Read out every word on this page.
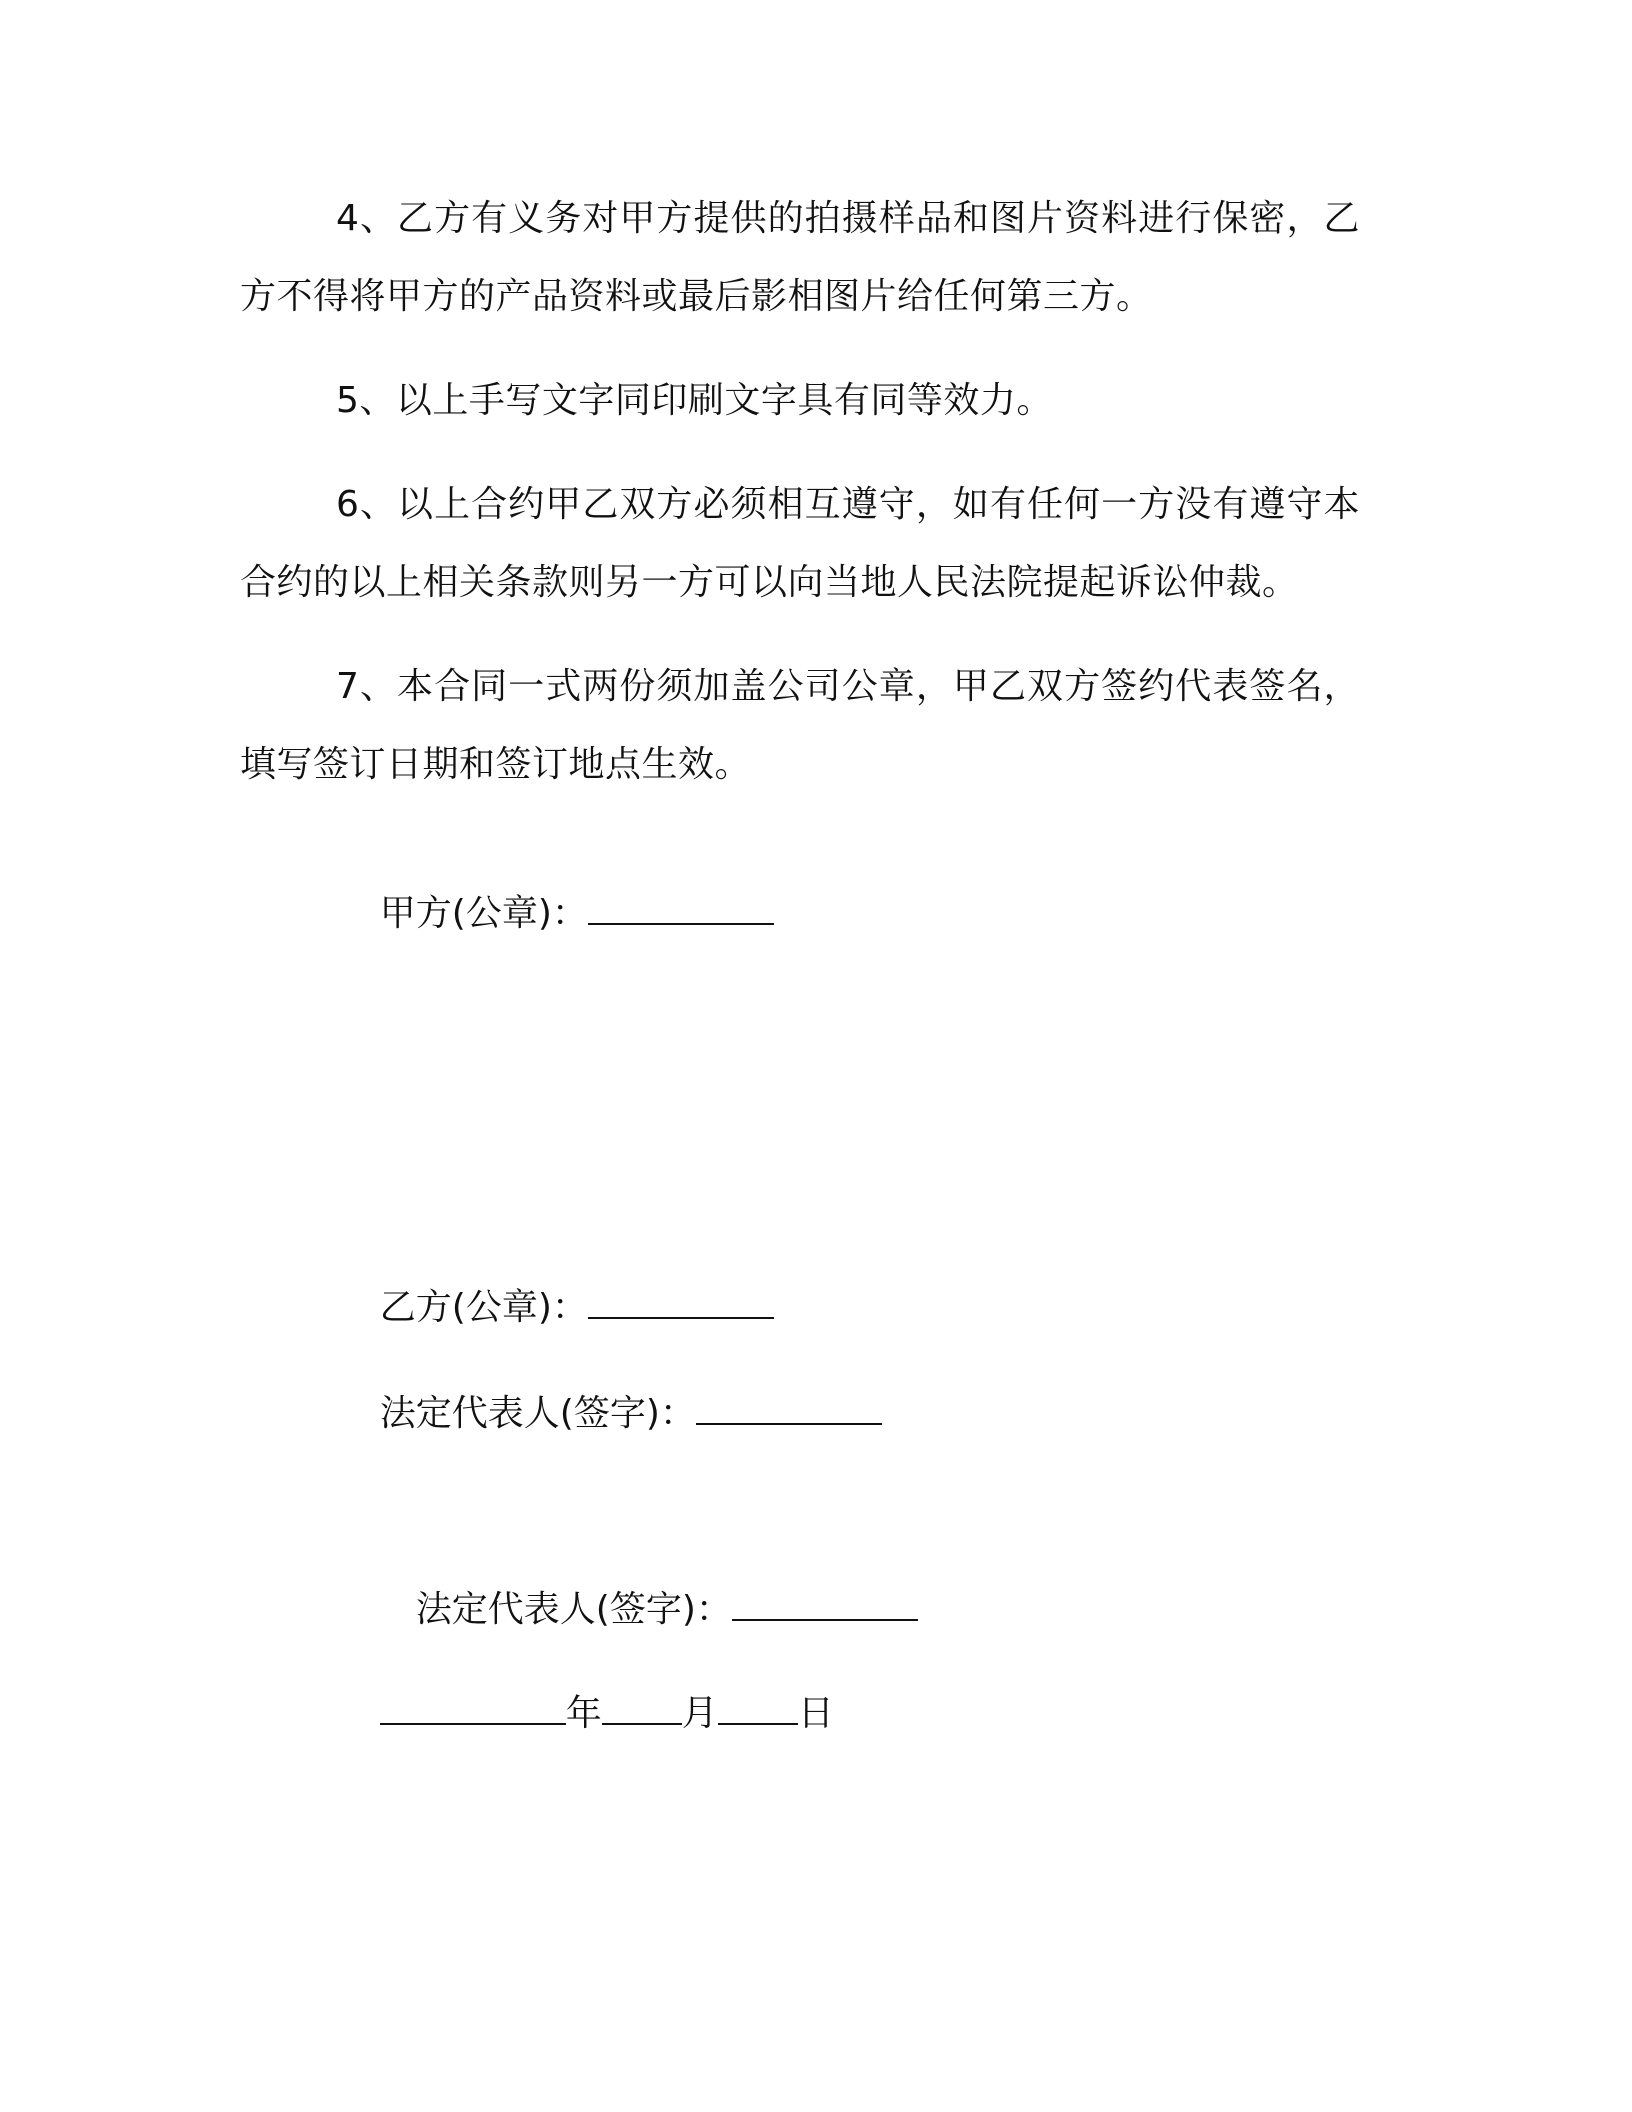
4、乙方有义务对甲方提供的拍摄样品和图片资料进行保密，乙方不得将甲方的产品资料或最后影相图片给任何第三方。

5、以上手写文字同印刷文字具有同等效力。

6、以上合约甲乙双方必须相互遵守，如有任何一方没有遵守本合约的以上相关条款则另一方可以向当地人民法院提起诉讼仲裁。

7、本合同一式两份须加盖公司公章，甲乙双方签约代表签名，填写签订日期和签订地点生效。

甲方(公章)：

乙方(公章)：

法定代表人(签字)：

法定代表人(签字)：

年 月 日
